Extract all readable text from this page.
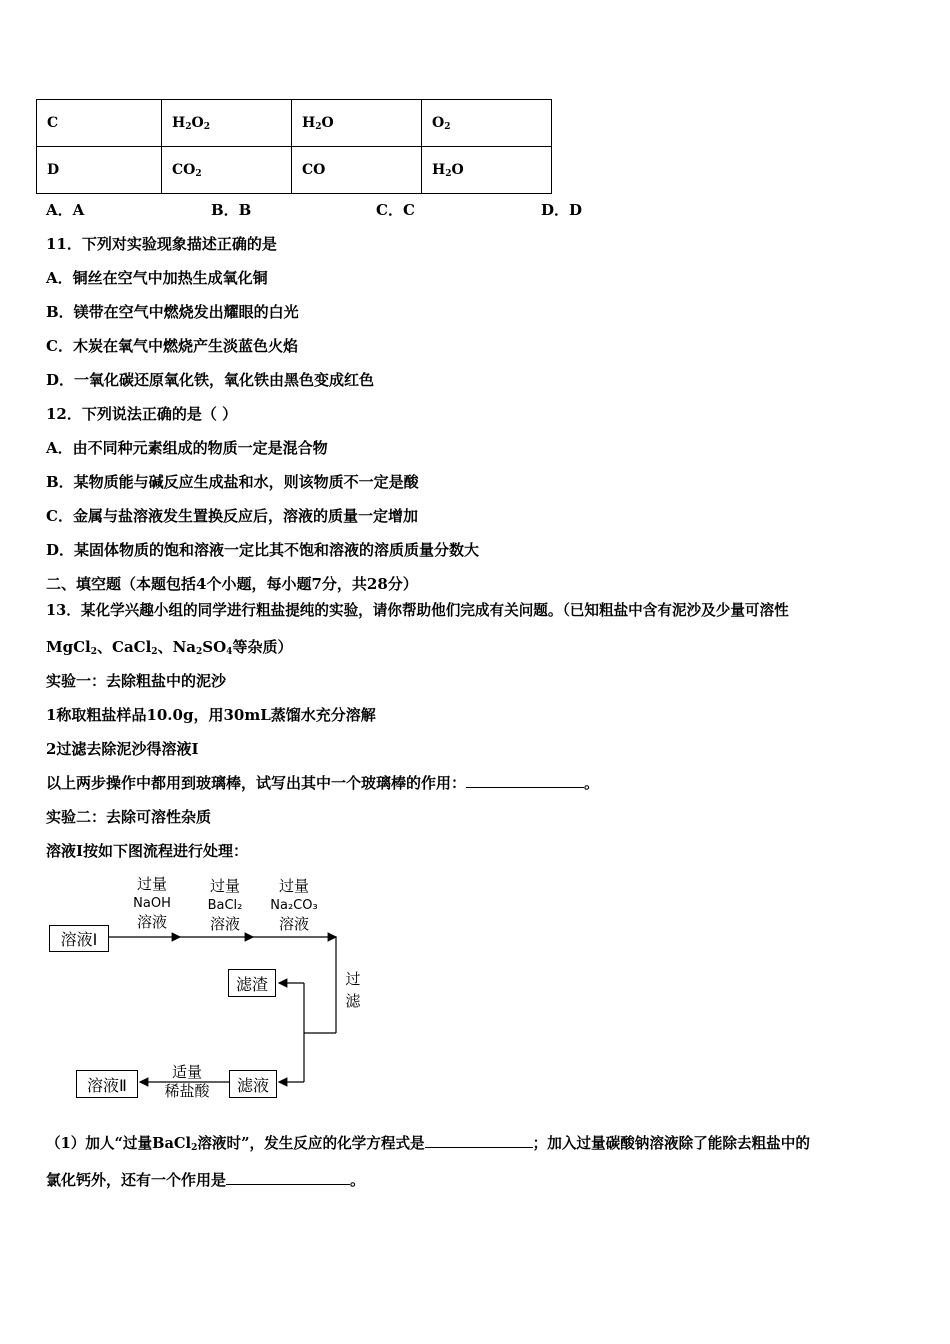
C	$H_2O_2$	$H_2O$	$O_2$
D	$CO_2$	CO	$H_2O$
A．A	B．B	C．C	D．D
11．下列对实验现象描述正确的是
A．铜丝在空气中加热生成氧化铜
B．镁带在空气中燃烧发出耀眼的白光
C．木炭在氧气中燃烧产生淡蓝色火焰
D．一氧化碳还原氧化铁，氧化铁由黑色变成红色
12．下列说法正确的是（ ）
A．由不同种元素组成的物质一定是混合物
B．某物质能与碱反应生成盐和水，则该物质不一定是酸
C．金属与盐溶液发生置换反应后，溶液的质量一定增加
D．某固体物质的饱和溶液一定比其不饱和溶液的溶质质量分数大
二、填空题（本题包括4个小题，每小题7分，共28分）
13．某化学兴趣小组的同学进行粗盐提纯的实验，请你帮助他们完成有关问题。（已知粗盐中含有泥沙及少量可溶性
MgCl$_2$、CaCl$_2$、$Na_2SO_4$等杂质）
实验一：去除粗盐中的泥沙
1称取粗盐样品10.0g，用30mL蒸馏水充分溶解
2过滤去除泥沙得溶液I
以上两步操作中都用到玻璃棒，试写出其中一个玻璃棒的作用：	。
实验二：去除可溶性杂质
溶液I按如下图流程进行处理：
溶液Ⅰ
过量
NaOH
溶液
过量
BaCl₂
溶液
过量
Na₂CO₃
溶液
过
滤
滤渣
滤液
适量
稀盐酸
溶液Ⅱ
（1）加人“过量BaCl$_2$溶液时”，发生反应的化学方程式是	；加入过量碳酸钠溶液除了能除去粗盐中的
氯化钙外，还有一个作用是	。
